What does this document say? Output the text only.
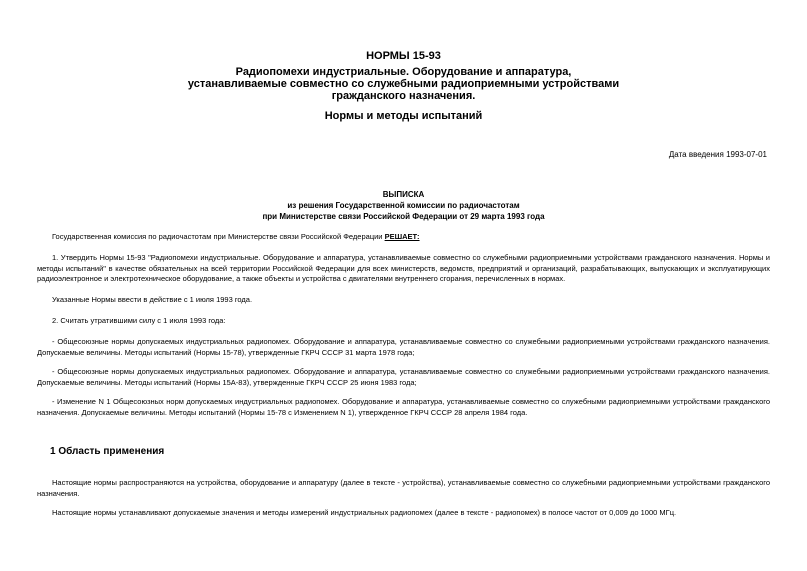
НОРМЫ 15-93
Радиопомехи индустриальные. Оборудование и аппаратура,
устанавливаемые совместно со служебными радиоприемными устройствами
гражданского назначения.
Нормы и методы испытаний
Дата введения 1993-07-01
ВЫПИСКА
из решения Государственной комиссии по радиочастотам
при Министерстве связи Российской Федерации от 29 марта 1993 года
Государственная комиссия по радиочастотам при Министерстве связи Российской Федерации РЕШАЕТ:
1. Утвердить Нормы 15-93 "Радиопомехи индустриальные. Оборудование и аппаратура, устанавливаемые совместно со служебными радиоприемными устройствами гражданского назначения. Нормы и методы испытаний" в качестве обязательных на всей территории Российской Федерации для всех министерств, ведомств, предприятий и организаций, разрабатывающих, выпускающих и эксплуатирующих радиоэлектронное и электротехническое оборудование, а также объекты и устройства с двигателями внутреннего сгорания, перечисленных в нормах.
Указанные Нормы ввести в действие с 1 июля 1993 года.
2. Считать утратившими силу с 1 июля 1993 года:
- Общесоюзные нормы допускаемых индустриальных радиопомех. Оборудование и аппаратура, устанавливаемые совместно со служебными радиоприемными устройствами гражданского назначения. Допускаемые величины. Методы испытаний (Нормы 15-78), утвержденные ГКРЧ СССР 31 марта 1978 года;
- Общесоюзные нормы допускаемых индустриальных радиопомех. Оборудование и аппаратура, устанавливаемые совместно со служебными радиоприемными устройствами гражданского назначения. Допускаемые величины. Методы испытаний (Нормы 15А-83), утвержденные ГКРЧ СССР 25 июня 1983 года;
- Изменение N 1 Общесоюзных норм допускаемых индустриальных радиопомех. Оборудование и аппаратура, устанавливаемые совместно со служебными радиоприемными устройствами гражданского назначения. Допускаемые величины. Методы испытаний (Нормы 15-78 с Изменением N 1), утвержденное ГКРЧ СССР 28 апреля 1984 года.
1 Область применения
Настоящие нормы распространяются на устройства, оборудование и аппаратуру (далее в тексте - устройства), устанавливаемые совместно со служебными радиоприемными устройствами гражданского назначения.
Настоящие нормы устанавливают допускаемые значения и методы измерений индустриальных радиопомех (далее в тексте - радиопомех) в полосе частот от 0,009 до 1000 МГц.
